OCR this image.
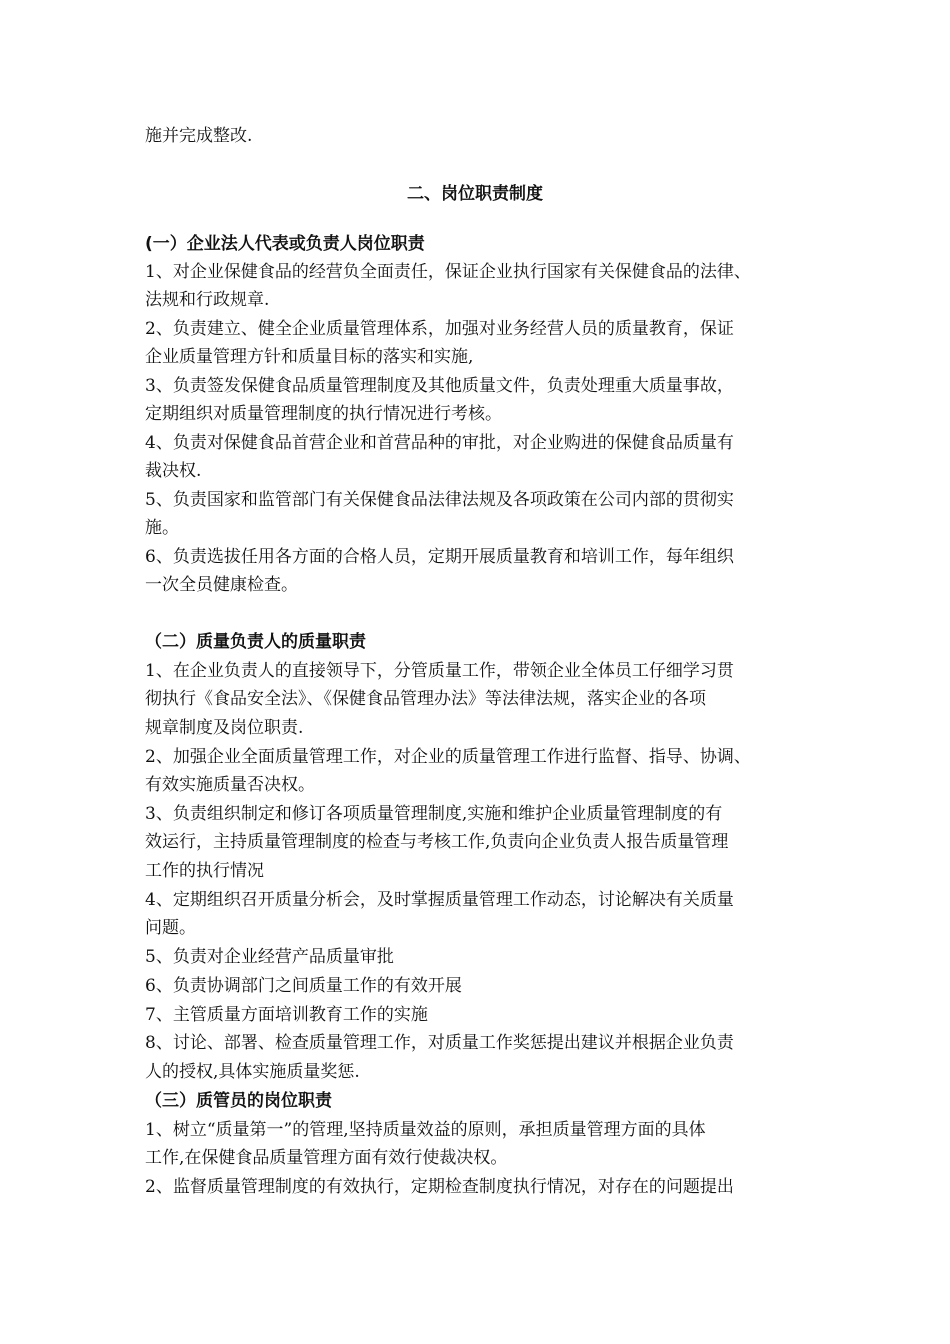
施并完成整改.
二、岗位职责制度
(一）企业法人代表或负责人岗位职责
1、对企业保健食品的经营负全面责任，保证企业执行国家有关保健食品的法律、
法规和行政规章.
2、负责建立、健全企业质量管理体系，加强对业务经营人员的质量教育，保证
企业质量管理方针和质量目标的落实和实施,
3、负责签发保健食品质量管理制度及其他质量文件，负责处理重大质量事故，
定期组织对质量管理制度的执行情况进行考核。
4、负责对保健食品首营企业和首营品种的审批，对企业购进的保健食品质量有
裁决权.
5、负责国家和监管部门有关保健食品法律法规及各项政策在公司内部的贯彻实
施。
6、负责选拔任用各方面的合格人员，定期开展质量教育和培训工作，每年组织
一次全员健康检查。
（二）质量负责人的质量职责
1、在企业负责人的直接领导下，分管质量工作，带领企业全体员工仔细学习贯
彻执行《食品安全法》、《保健食品管理办法》等法律法规，落实企业的各项
规章制度及岗位职责.
2、加强企业全面质量管理工作，对企业的质量管理工作进行监督、指导、协调、
有效实施质量否决权。
3、负责组织制定和修订各项质量管理制度,实施和维护企业质量管理制度的有
效运行，主持质量管理制度的检查与考核工作,负责向企业负责人报告质量管理
工作的执行情况
4、定期组织召开质量分析会，及时掌握质量管理工作动态，讨论解决有关质量
问题。
5、负责对企业经营产品质量审批
6、负责协调部门之间质量工作的有效开展
7、主管质量方面培训教育工作的实施
8、讨论、部署、检查质量管理工作，对质量工作奖惩提出建议并根据企业负责
人的授权,具体实施质量奖惩.
（三）质管员的岗位职责
1、树立“质量第一”的管理,坚持质量效益的原则，承担质量管理方面的具体
工作,在保健食品质量管理方面有效行使裁决权。
2、监督质量管理制度的有效执行，定期检查制度执行情况，对存在的问题提出
